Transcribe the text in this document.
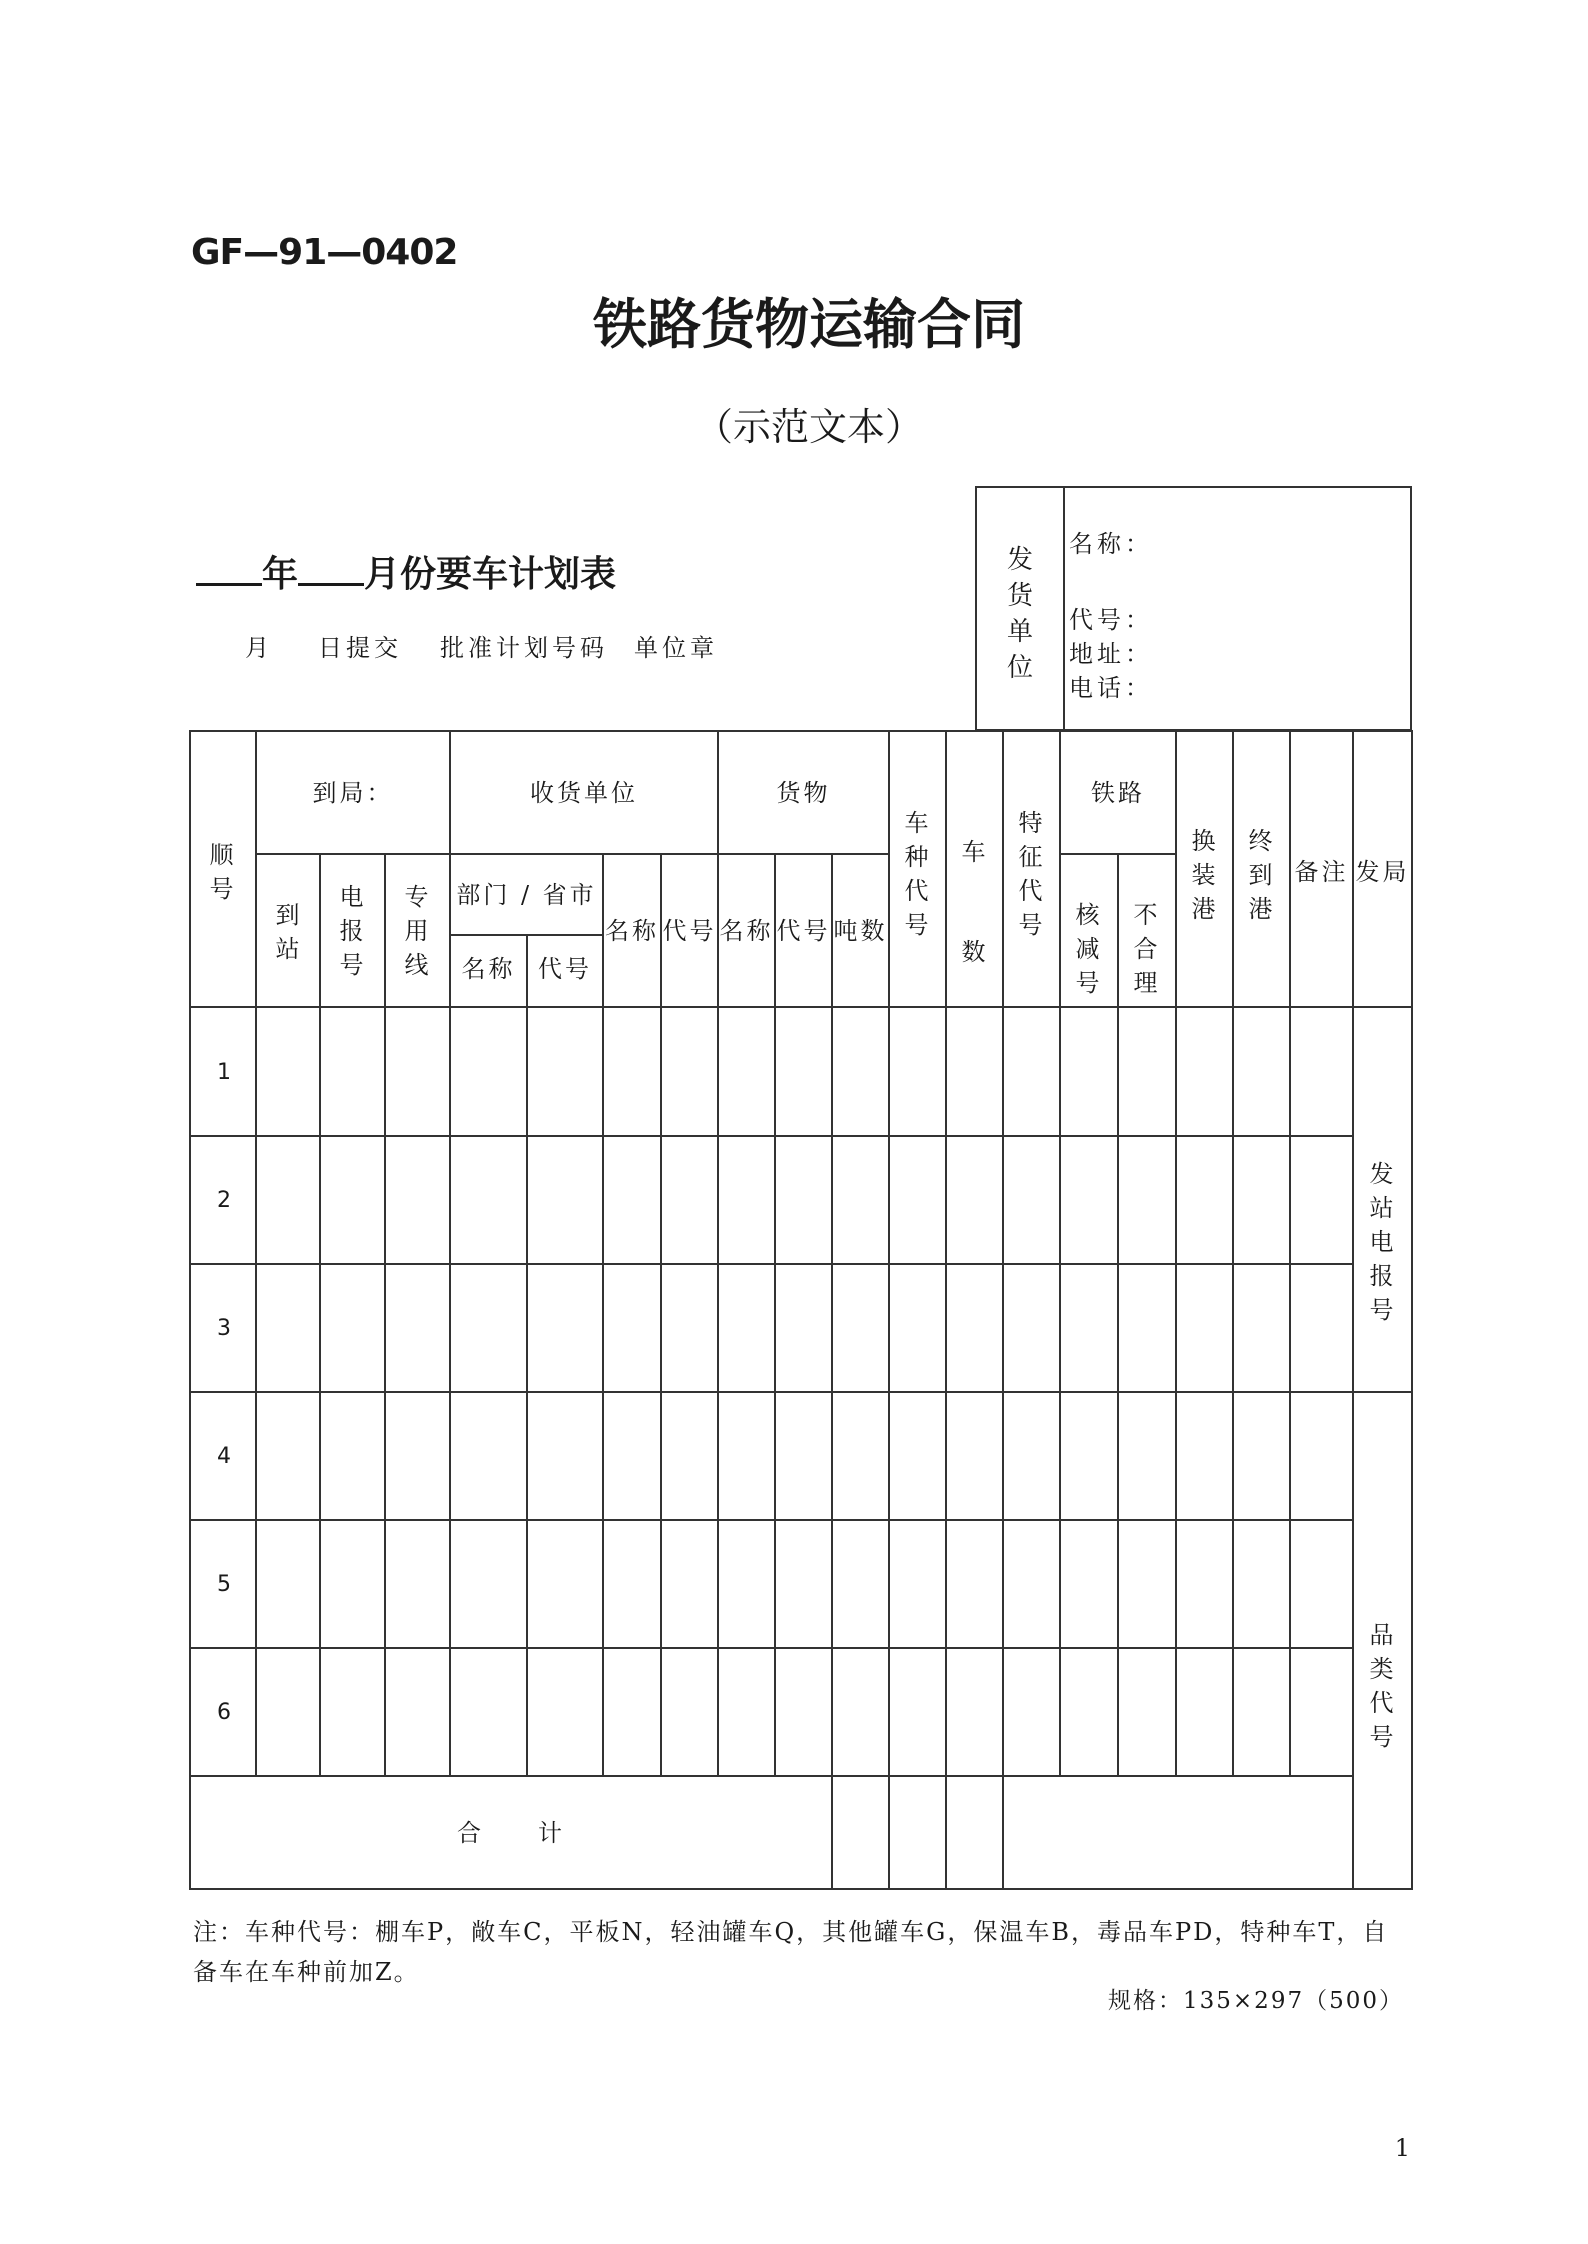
GF—91—0402
铁路货物运输合同
（示范文本）
年 月份要车计划表
月 日提交 批准计划号码 单位章
发货单位
名称：
代号：
地址：
电话：
顺号
到局：
到站
电报号
专用线
收货单位
部门 / 省市
名称 代号
名称 代号
货物
名称 代号 吨数
车种代号
车数
特征代号
铁路
核减号
不合理
换装港
终到港
备注 发局
发站电报号
品类代号
1
2
3
4
5
6
合　　计
注：车种代号：棚车P，敞车C，平板N，轻油罐车Q，其他罐车G，保温车B，毒品车PD，特种车T，自备车在车种前加Z。
规格：135×297（500）
1
